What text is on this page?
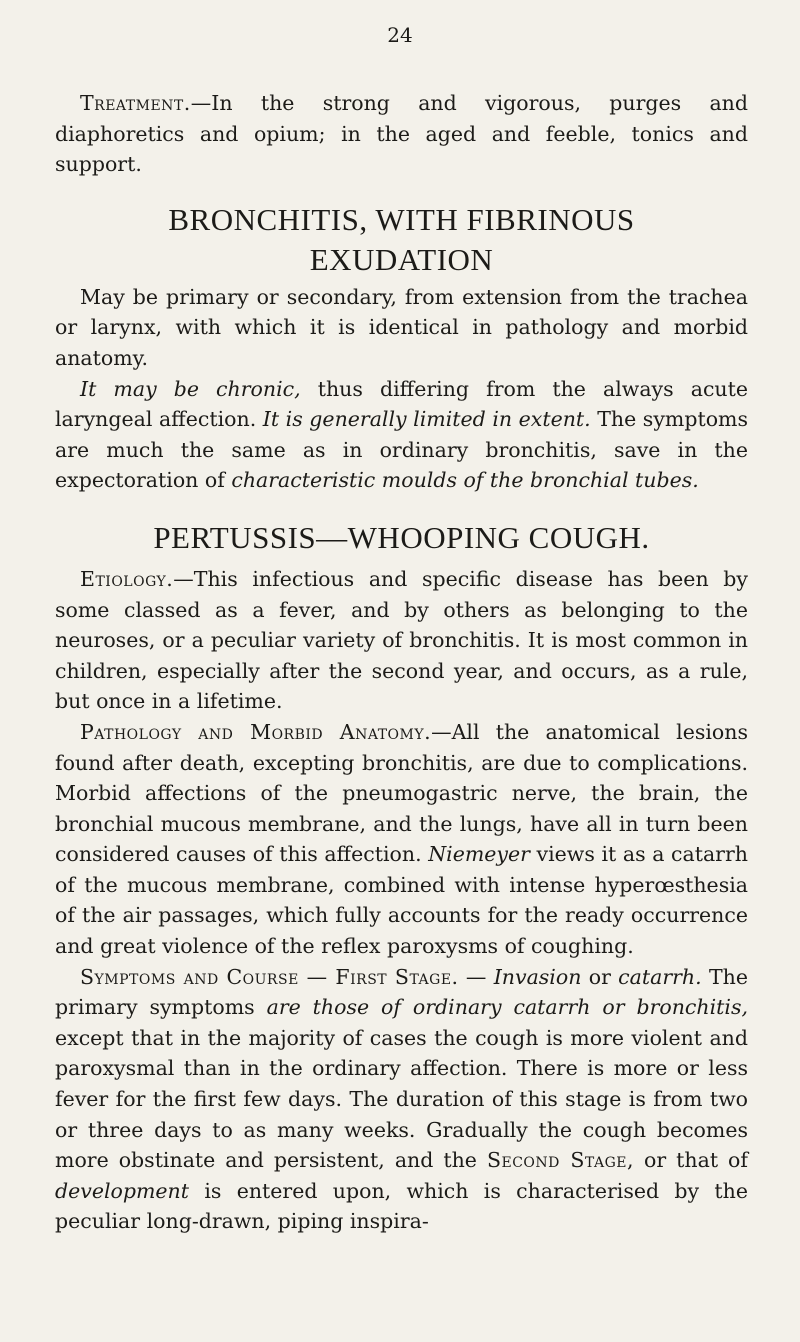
24

Treatment.—In the strong and vigorous, purges and diaphoretics and opium; in the aged and feeble, tonics and support.

BRONCHITIS, WITH FIBRINOUS
EXUDATION

May be primary or secondary, from extension from the trachea or larynx, with which it is identical in pathology and morbid anatomy.

It may be chronic, thus differing from the always acute laryngeal affection. It is generally limited in extent. The symptoms are much the same as in ordinary bronchitis, save in the expectoration of characteristic moulds of the bronchial tubes.

PERTUSSIS—WHOOPING COUGH.

Etiology.—This infectious and specific disease has been by some classed as a fever, and by others as belonging to the neuroses, or a peculiar variety of bronchitis. It is most common in children, especially after the second year, and occurs, as a rule, but once in a lifetime.

Pathology and Morbid Anatomy.—All the anatomical lesions found after death, excepting bronchitis, are due to complications. Morbid affections of the pneumogastric nerve, the brain, the bronchial mucous membrane, and the lungs, have all in turn been considered causes of this affection. Niemeyer views it as a catarrh of the mucous membrane, combined with intense hyperœsthesia of the air passages, which fully accounts for the ready occurrence and great violence of the reflex paroxysms of coughing.

Symptoms and Course — First Stage. — Invasion or catarrh. The primary symptoms are those of ordinary catarrh or bronchitis, except that in the majority of cases the cough is more violent and paroxysmal than in the ordinary affection. There is more or less fever for the first few days. The duration of this stage is from two or three days to as many weeks. Gradually the cough becomes more obstinate and persistent, and the Second Stage, or that of development is entered upon, which is characterised by the peculiar long-drawn, piping inspira-
